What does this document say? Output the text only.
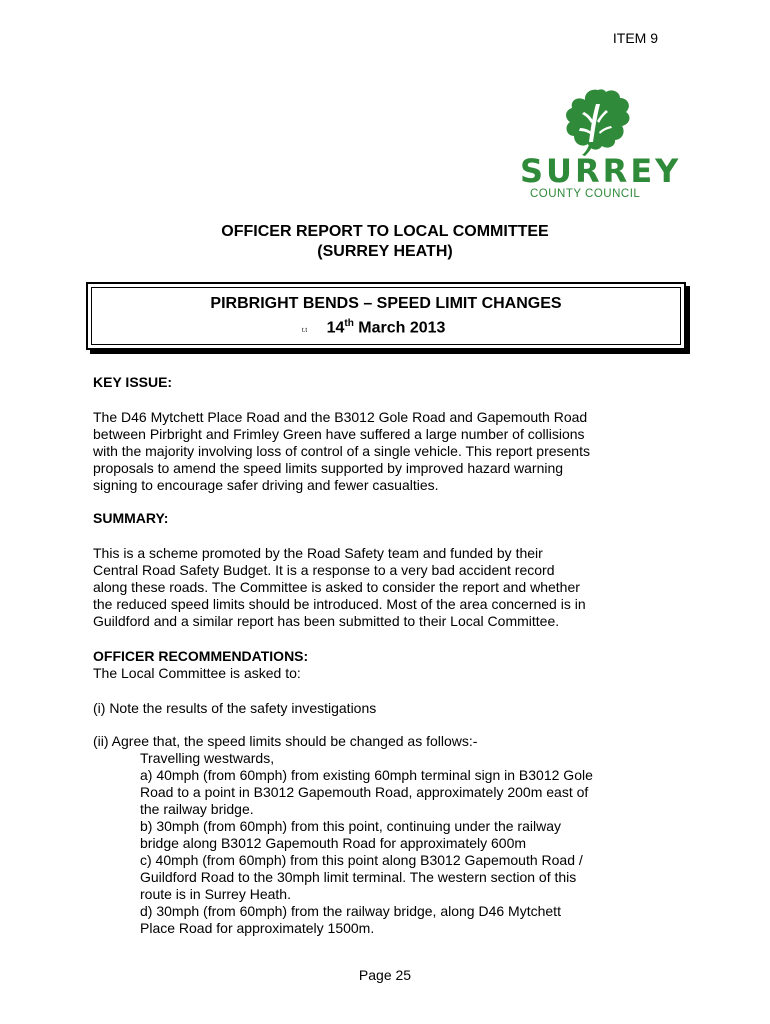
ITEM 9
SURREY
COUNTY COUNCIL
OFFICER REPORT TO LOCAL COMMITTEE
(SURREY HEATH)
PIRBRIGHT BENDS – SPEED LIMIT CHANGES
t.t	14th March 2013

KEY ISSUE:

The D46 Mytchett Place Road and the B3012 Gole Road and Gapemouth Road
between Pirbright and Frimley Green have suffered a large number of collisions
with the majority involving loss of control of a single vehicle. This report presents
proposals to amend the speed limits supported by improved hazard warning
signing to encourage safer driving and fewer casualties.

SUMMARY:

This is a scheme promoted by the Road Safety team and funded by their
Central Road Safety Budget. It is a response to a very bad accident record
along these roads. The Committee is asked to consider the report and whether
the reduced speed limits should be introduced. Most of the area concerned is in
Guildford and a similar report has been submitted to their Local Committee.

OFFICER RECOMMENDATIONS:

The Local Committee is asked to:
(i) Note the results of the safety investigations
(ii) Agree that, the speed limits should be changed as follows:-
Travelling westwards,
a) 40mph (from 60mph) from existing 60mph terminal sign in B3012 Gole
Road to a point in B3012 Gapemouth Road, approximately 200m east of
the railway bridge.
b) 30mph (from 60mph) from this point, continuing under the railway
bridge along B3012 Gapemouth Road for approximately 600m
c) 40mph (from 60mph) from this point along B3012 Gapemouth Road /
Guildford Road to the 30mph limit terminal. The western section of this
route is in Surrey Heath.
d) 30mph (from 60mph) from the railway bridge, along D46 Mytchett
Place Road for approximately 1500m.
Page 25
